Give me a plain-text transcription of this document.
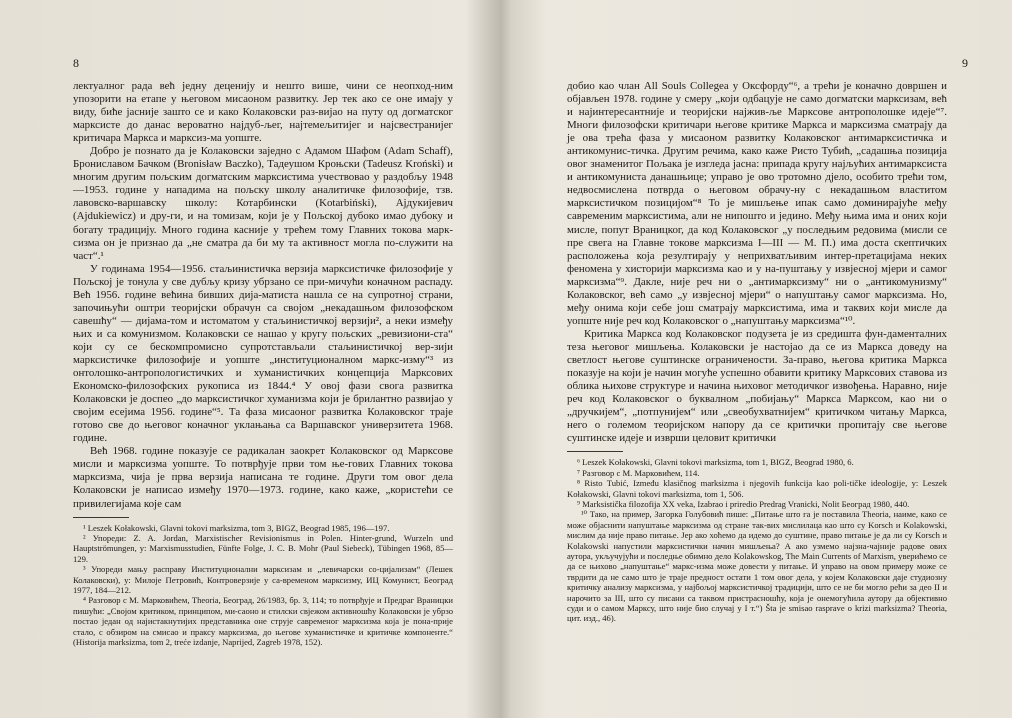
8

лектуалног рада већ једну деценију и нешто више, чини се неопход-ним упозорити на етапе у његовом мисаоном развитку. Јер тек ако се оне имају у виду, биће јасније зашто се и како Колаковски раз-вијао на путу од догматског марксисте до данас вероватно најдуб-љег, најтемељитијег и најсвестранијег критичара Маркса и марксиз-ма уопште.

Добро је познато да је Колаковски заједно с Адамом Шафом (Adam Schaff), Брониславом Бачком (Bronisław Baczko), Тадеушом Кроњски (Tadeusz Kroński) и многим другим пољским догматским марксистима учествовао у раздобљу 1948—1953. године у нападима на пољску школу аналитичке филозофије, тзв. лавовско-варшавску школу: Котарбински (Kotarbiński), Ајдукијевич (Ajdukiewicz) и дру-ги, и на томизам, који је у Пољској дубоко имао дубоку и богату традицију. Много година касније у трећем тому Главних токова марк-сизма он је признао да „не сматра да би му та активност могла по-служити на част“.¹

У годинама 1954—1956. стаљинистичка верзија марксистичке филозофије у Пољској је тонула у све дубљу кризу убрзано се при-мичући коначном распаду. Већ 1956. године већина бивших дија-матиста нашла се на супротној страни, започињући оштри теоријски обрачун са својом „некадашњом филозофском савешћу“ — дијама-том и истоматом у стаљинистичкој верзији², а неки између њих и са комунизмом. Колаковски се нашао у кругу пољских „ревизиони-ста“ који су се бескомпромисно супротстављали стаљинистичкој вер-зији марксистичке филозофије и уопште „институционалном маркс-изму“³ из онтолошко-антропологистичких и хуманистичких концепција Марксових Економско-филозофских рукописа из 1844.⁴ У овој фази свога развитка Колаковски је доспео „до марксистичког хуманизма који је брилантно развијао у својим есејима 1956. године“⁵. Та фаза мисаоног развитка Колаковског траје готово све до његовог коначног уклањања са Варшавског универзитета 1968. године.

Већ 1968. године показује се радикалан заокрет Колаковског од Марксове мисли и марксизма уопште. То потврђује први том ње-гових Главних токова марксизма, чија је прва верзија написана те године. Други том овог дела Колаковски је написао између 1970—1973. године, како каже, „користећи се привилегијама које сам

¹ Leszek Kołakowski, Glavni tokovi marksizma, tom 3, BIGZ, Beograd 1985, 196—197.

² Упореди: Z. A. Jordan, Marxistischer Revisionismus in Polen. Hinter-grund, Wurzeln und Hauptströmungen, у: Marxismusstudien, Fünfte Folge, J. C. B. Mohr (Paul Siebeck), Tübingen 1968, 85—129.

³ Упореди мању расправу Институционални марксизам и „левичарски со-цијализам“ (Лешек Колаковски), у: Милоје Петровић, Контроверзије у са-временом марксизму, ИЦ Комунист, Београд 1977, 184—212.

⁴ Разговор с М. Марковићем, Theoria, Београд, 26/1983, бр. 3, 114; то потврђује и Предраг Враницки пишући: „Својом критиком, принципом, ми-саоно и стилски свјежом активношћу Колаковски је убрзо постао један од најистакнутијих представника оне струје савременог марксизма која је пона-прије стало, с обзиром на смисао и праксу марксизма, до његове хуманистичке и критичке компоненте.“ (Historija marksizma, tom 2, treće izdanje, Naprijed, Zagreb 1978, 152).

9

добио као члан All Souls Collegea у Оксфорду“⁶, а трећи је коначно довршен и објављен 1978. године у смеру „који одбацује не само догматски марксизам, већ и најинтересантније и теоријски најжив-ље Марксове антрополошке идеје“⁷. Многи филозофски критичари његове критике Маркса и марксизма сматрају да је ова трећа фаза у мисаоном развитку Колаковског антимарксистичка и антикомунис-тичка. Другим речима, како каже Ристо Тубић, „садашња позиција овог знаменитог Пољака је изгледа јасна: припада кругу најљућих антимарксиста и антикомуниста данашњице; управо је ово тротомно дјело, особито трећи том, недвосмислена потврда о његовом обрачу-ну с некадашњом властитом марксистичком позицијом“⁸ То је мишљење ипак само доминирајуће међу савременим марксистима, али не нипошто и једино. Међу њима има и оних који мисле, попут Враницког, да код Колаковског „у последњим редовима (мисли се пре свега на Главне токове марксизма I—III — М. П.) има доста скептичких расположења која резултирају у неприхватљивим интер-претацијама неких феномена у хисторији марксизма као и у на-пуштању у извјесној мјери и самог марксизма“⁹. Дакле, није реч ни о „антимарксизму“ ни о „антикомунизму“ Колаковског, већ само „у извјесној мјери“ о напуштању самог марксизма. Но, међу онима који себе још сматрају марксистима, има и таквих који мисле да уопште није реч код Колаковског о „напуштању марксизма“¹⁰.

Критика Маркса код Колаковског подузета је из средишта фун-даменталних теза његовог мишљења. Колаковски је настојао да се из Маркса доведу на светлост његове суштинске ограничености. За-право, његова критика Маркса показује на који је начин могуће успешно обавити критику Марксових ставова из облика њихове структуре и начина њиховог методичког извођења. Наравно, није реч код Колаковског о буквалном „побијању“ Маркса Марксом, као ни о „дручкијем“, „потпунијем“ или „свеобухватнијем“ критичком читању Маркса, него о големом теоријском напору да се критички пропитају све његове суштинске идеје и изврши целовит критички

⁶ Leszek Kołakowski, Glavni tokovi marksizma, tom 1, BIGZ, Beograd 1980, 6.

⁷ Разговор с М. Марковићем, 114.

⁸ Risto Tubić, Između klasičnog marksizma i njegovih funkcija kao poli-tičke ideologije, у: Leszek Kołakowski, Glavni tokovi marksizma, tom 1, 506.

⁹ Marksistička filozofija XX veka, Izabrao i priredio Predrag Vranicki, Nolit Београд 1980, 440.

¹⁰ Тако, на пример, Загорка Голубовић пише: „Питање што га је поставила Theoria, наиме, како се може објаснити напуштање марксизма од стране так-вих мислилаца као што су Korsch и Kolakowski, мислим да није право питање. Јер ако хоћемо да идемо до суштине, право питање је да ли су Korsch и Kolakowski напустили марксистички начин мишљења? А ако узмемо најзна-чајније радове ових аутора, укључујући и последње обимно дело Kolakowskog, The Main Currents of Marxism, уверићемо се да се њихово „напуштање“ маркс-изма може довести у питање. И управо на овом примеру може се тврдити да не само што је траје предност остати 1 том овог дела, у којем Колаковски даје студиозну критичку анализу марксизма, у најбољој марксистичкој традицији, што се не би могло рећи за део II и нарочито за III, што су писани са таквом пристрасношћу, која је онемогућила аутору да објективно суди и о самом Марксу, што није био случај у I т.“) Šta je smisao rasprave o krizi marksizma? Theoria, цит. изд., 46).
